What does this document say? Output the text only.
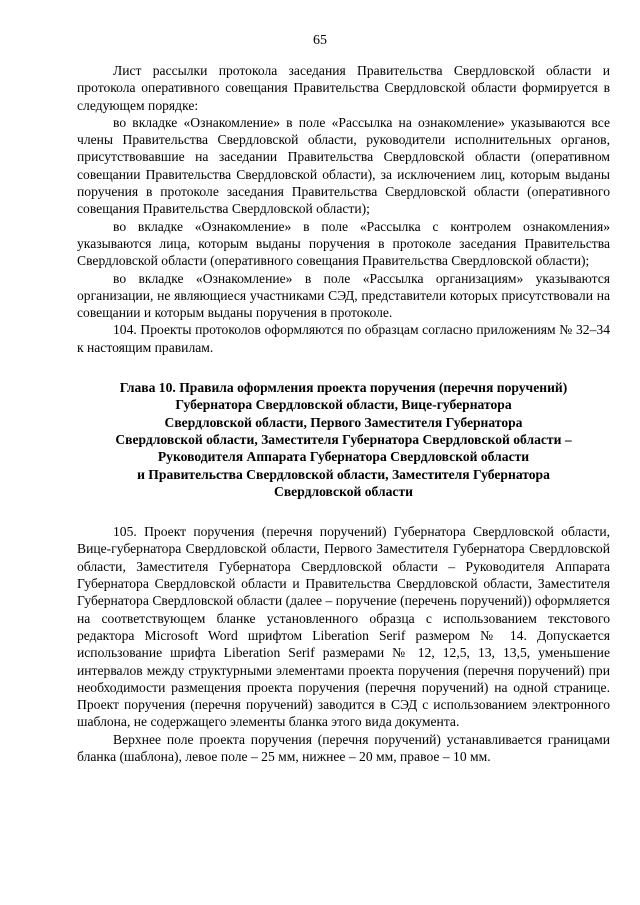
65

Лист рассылки протокола заседания Правительства Свердловской области и протокола оперативного совещания Правительства Свердловской области формируется в следующем порядке:

во вкладке «Ознакомление» в поле «Рассылка на ознакомление» указываются все члены Правительства Свердловской области, руководители исполнительных органов, присутствовавшие на заседании Правительства Свердловской области (оперативном совещании Правительства Свердловской области), за исключением лиц, которым выданы поручения в протоколе заседания Правительства Свердловской области (оперативного совещания Правительства Свердловской области);

во вкладке «Ознакомление» в поле «Рассылка с контролем ознакомления» указываются лица, которым выданы поручения в протоколе заседания Правительства Свердловской области (оперативного совещания Правительства Свердловской области);

во вкладке «Ознакомление» в поле «Рассылка организациям» указываются организации, не являющиеся участниками СЭД, представители которых присутствовали на совещании и которым выданы поручения в протоколе.

104. Проекты протоколов оформляются по образцам согласно приложениям № 32–34 к настоящим правилам.

Глава 10. Правила оформления проекта поручения (перечня поручений)
Губернатора Свердловской области, Вице-губернатора
Свердловской области, Первого Заместителя Губернатора
Свердловской области, Заместителя Губернатора Свердловской области –
Руководителя Аппарата Губернатора Свердловской области
и Правительства Свердловской области, Заместителя Губернатора
Свердловской области

105. Проект поручения (перечня поручений) Губернатора Свердловской области, Вице-губернатора Свердловской области, Первого Заместителя Губернатора Свердловской области, Заместителя Губернатора Свердловской области – Руководителя Аппарата Губернатора Свердловской области и Правительства Свердловской области, Заместителя Губернатора Свердловской области (далее – поручение (перечень поручений)) оформляется на соответствующем бланке установленного образца с использованием текстового редактора Microsoft Word шрифтом Liberation Serif размером № 14. Допускается использование шрифта Liberation Serif размерами № 12, 12,5, 13, 13,5, уменьшение интервалов между структурными элементами проекта поручения (перечня поручений) при необходимости размещения проекта поручения (перечня поручений) на одной странице. Проект поручения (перечня поручений) заводится в СЭД с использованием электронного шаблона, не содержащего элементы бланка этого вида документа.

Верхнее поле проекта поручения (перечня поручений) устанавливается границами бланка (шаблона), левое поле – 25 мм, нижнее – 20 мм, правое – 10 мм.
